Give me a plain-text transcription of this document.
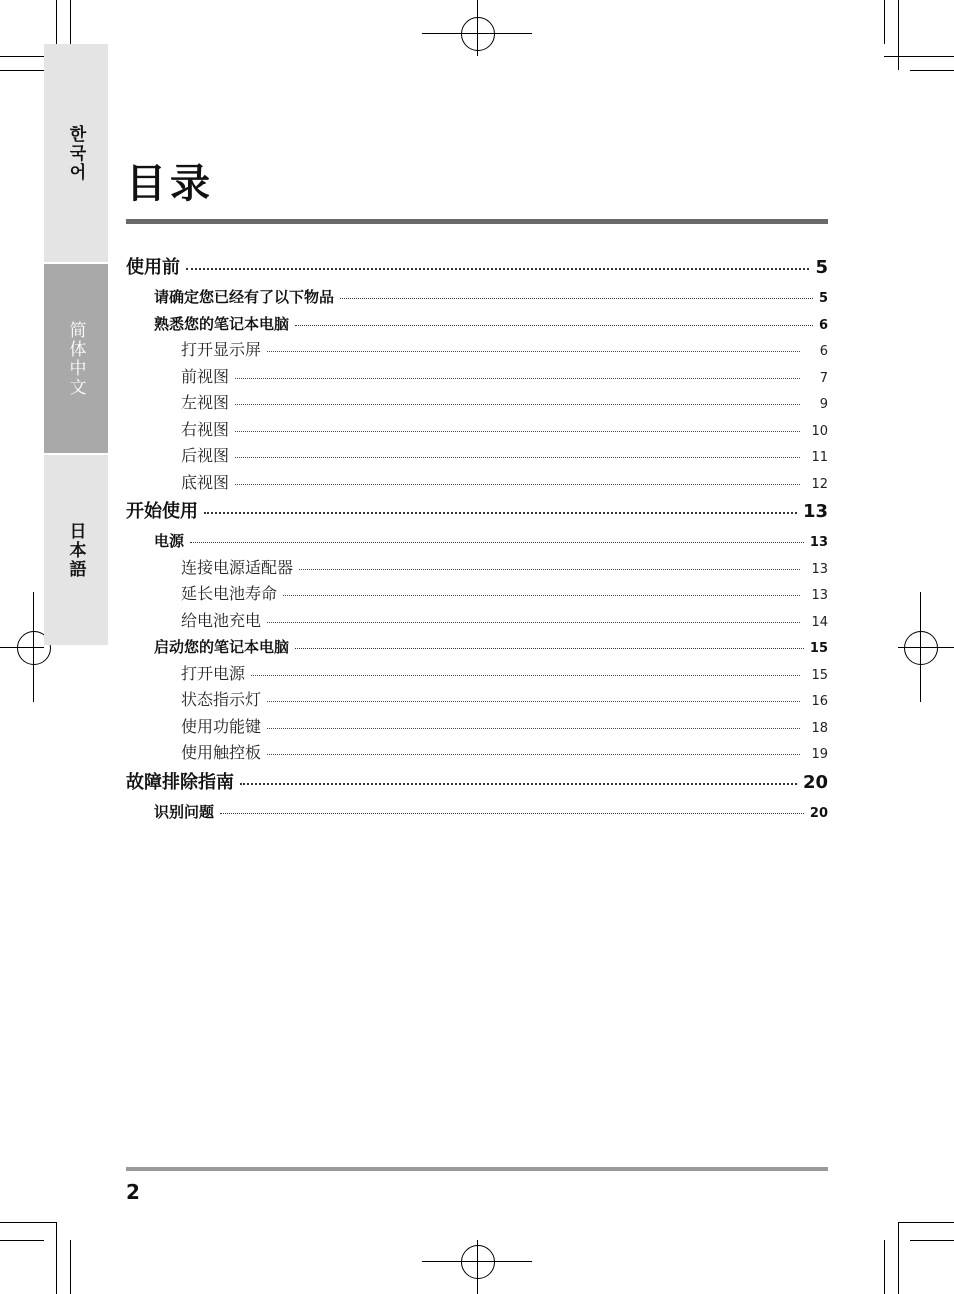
한국어
简体中文
日本語
目录
使用前	5
请确定您已经有了以下物品	5
熟悉您的笔记本电脑	6
打开显示屏	6
前视图	7
左视图	9
右视图	10
后视图	11
底视图	12
开始使用	13
电源	13
连接电源适配器	13
延长电池寿命	13
给电池充电	14
启动您的笔记本电脑	15
打开电源	15
状态指示灯	16
使用功能键	18
使用触控板	19
故障排除指南	20
识别问题	20
2
